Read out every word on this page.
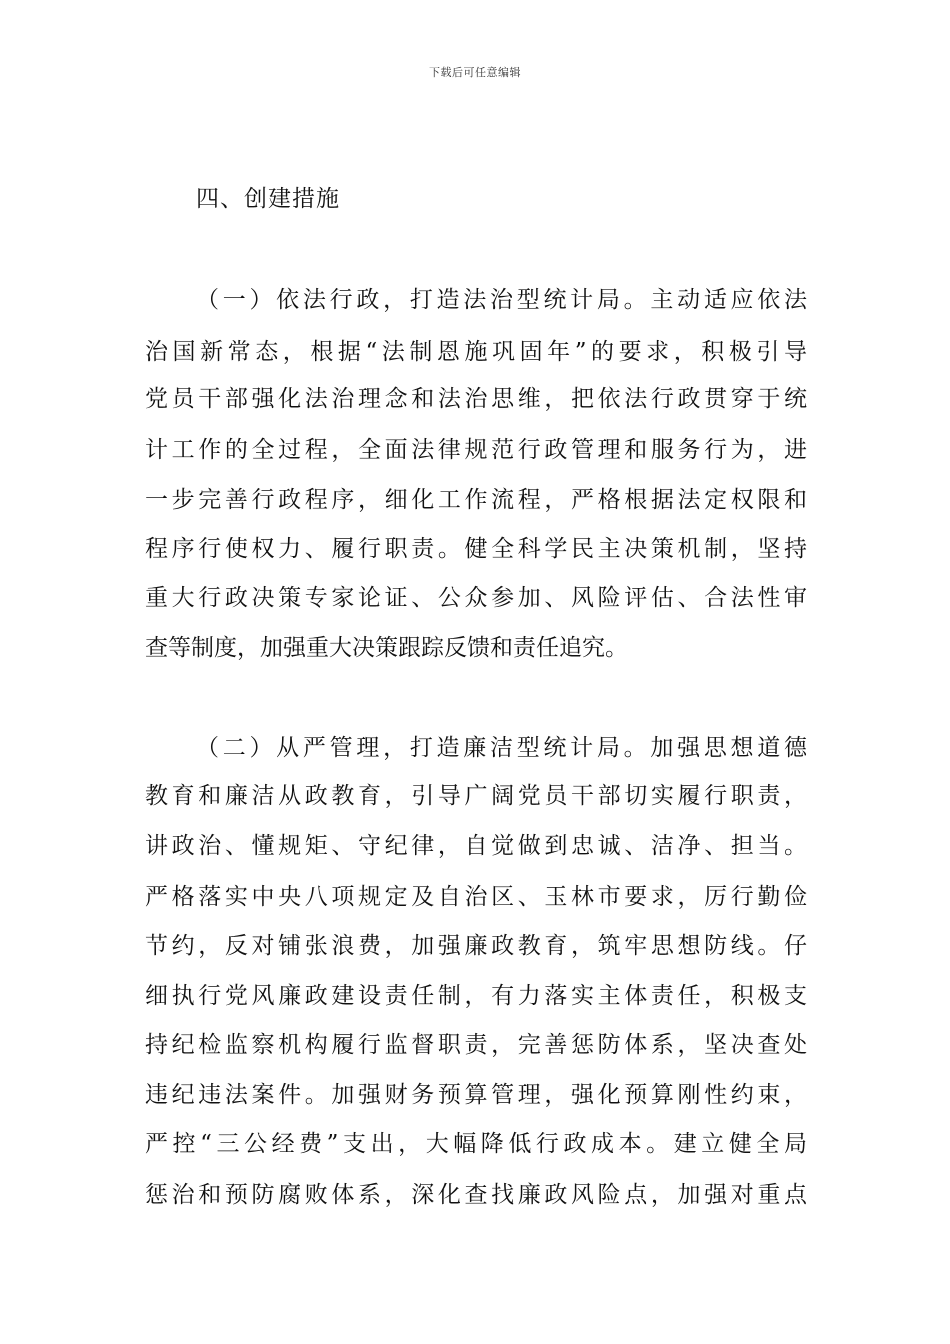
下载后可任意编辑
四、创建措施
（一）依法行政，打造法治型统计局。主动适应依法
治国新常态，根据“法制恩施巩固年”的要求，积极引导
党员干部强化法治理念和法治思维，把依法行政贯穿于统
计工作的全过程，全面法律规范行政管理和服务行为，进
一步完善行政程序，细化工作流程，严格根据法定权限和
程序行使权力、履行职责。健全科学民主决策机制，坚持
重大行政决策专家论证、公众参加、风险评估、合法性审
查等制度，加强重大决策跟踪反馈和责任追究。
（二）从严管理，打造廉洁型统计局。加强思想道德
教育和廉洁从政教育，引导广阔党员干部切实履行职责，
讲政治、懂规矩、守纪律，自觉做到忠诚、洁净、担当。
严格落实中央八项规定及自治区、玉林市要求，厉行勤俭
节约，反对铺张浪费，加强廉政教育，筑牢思想防线。仔
细执行党风廉政建设责任制，有力落实主体责任，积极支
持纪检监察机构履行监督职责，完善惩防体系，坚决查处
违纪违法案件。加强财务预算管理，强化预算刚性约束，
严控“三公经费”支出，大幅降低行政成本。建立健全局
惩治和预防腐败体系，深化查找廉政风险点，加强对重点
